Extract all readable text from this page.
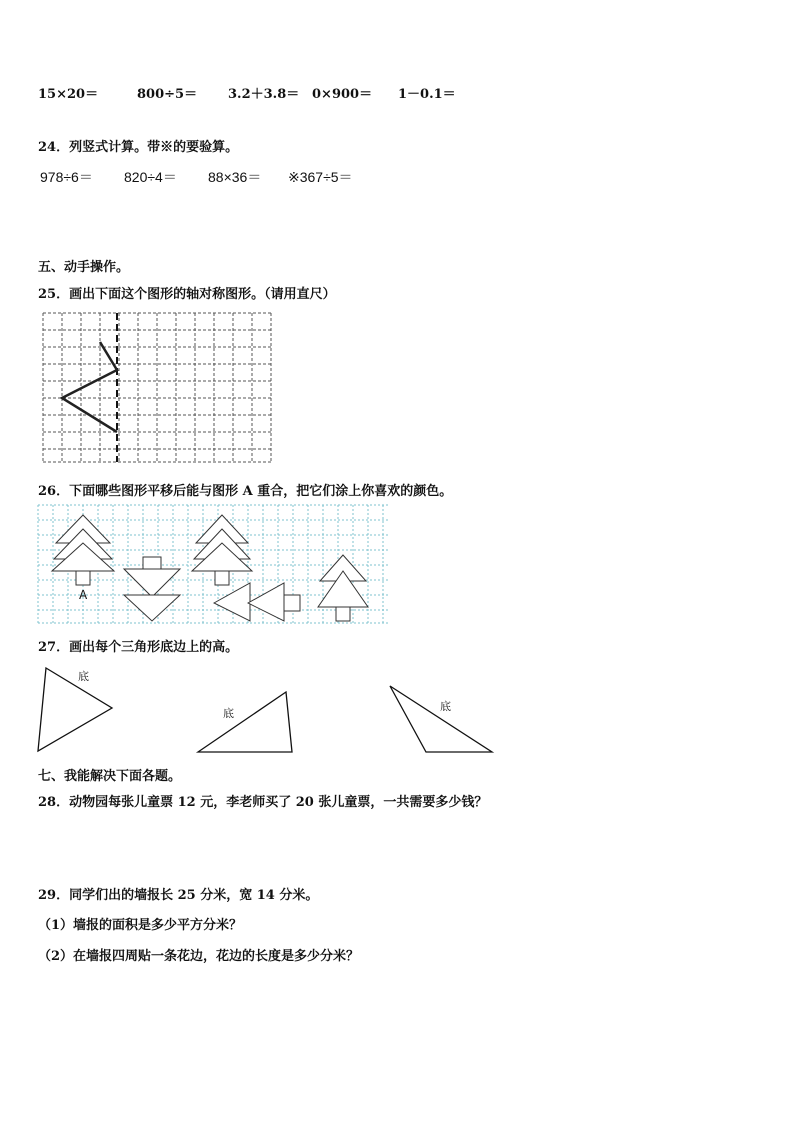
15×20＝	800÷5＝ 3.2＋3.8＝ 0×900＝ 1－0.1＝
24．列竖式计算。带※的要验算。
978÷6＝ 820÷4＝ 88×36＝ ※367÷5＝
五、动手操作。
25．画出下面这个图形的轴对称图形。（请用直尺）
26．下面哪些图形平移后能与图形 A 重合，把它们涂上你喜欢的颜色。
A
27．画出每个三角形底边上的高。
底
底
底
七、我能解决下面各题。
28．动物园每张儿童票 12 元，李老师买了 20 张儿童票，一共需要多少钱？
29．同学们出的墙报长 25 分米，宽 14 分米。
（1）墙报的面积是多少平方分米？
（2）在墙报四周贴一条花边，花边的长度是多少分米？
